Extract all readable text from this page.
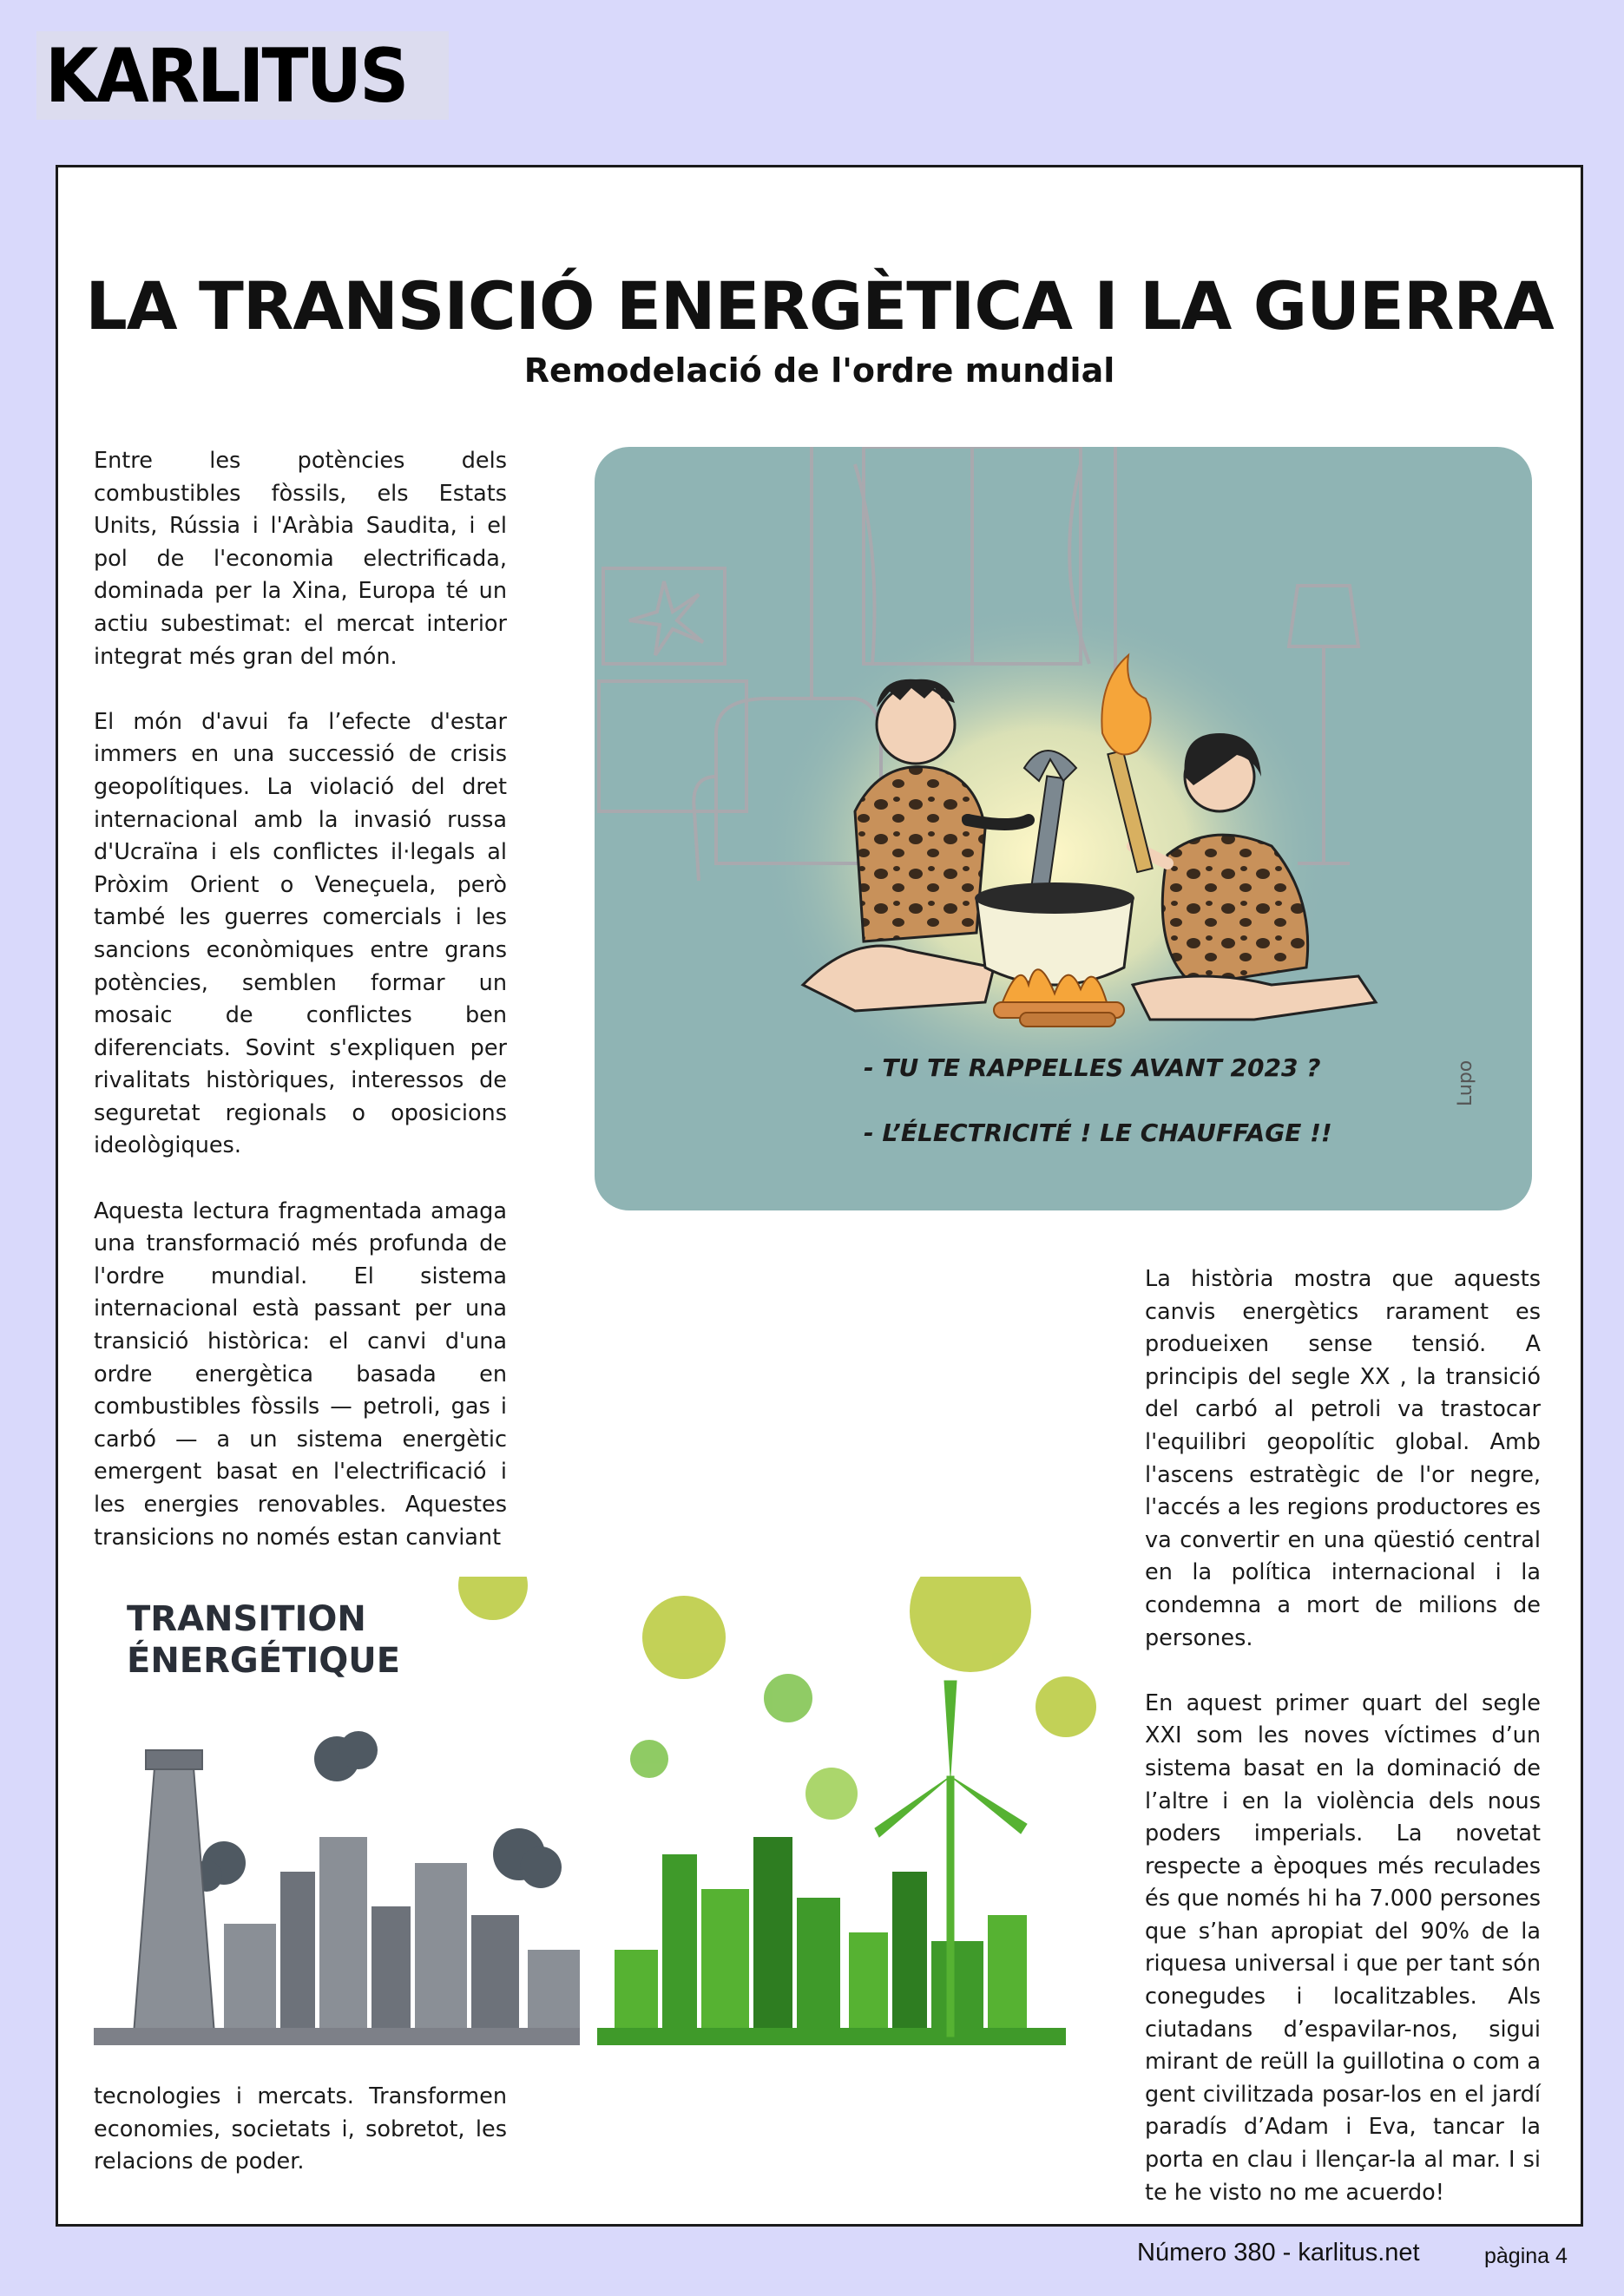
KARLITUS
LA TRANSICIÓ ENERGÈTICA I LA GUERRA
Remodelació de l'ordre mundial

Entre les potències dels combustibles fòssils, els Estats Units, Rússia i l'Aràbia Saudita, i el pol de l'economia electrificada, dominada per la Xina, Europa té un actiu subestimat: el mercat interior integrat més gran del món.

El món d'avui fa l’efecte d'estar immers en una successió de crisis geopolítiques. La violació del dret internacional amb la invasió russa d'Ucraïna i els conflictes il·legals al Pròxim Orient o Veneçuela, però també les guerres comercials i les sancions econòmiques entre grans potències, semblen formar un mosaic de conflictes ben diferenciats. Sovint s'expliquen per rivalitats històriques, interessos de seguretat regionals o oposicions ideològiques.

Aquesta lectura fragmentada amaga una transformació més profunda de l'ordre mundial. El sistema internacional està passant per una transició històrica: el canvi d'una ordre energètica basada en combustibles fòssils — petroli, gas i carbó — a un sistema energètic emergent basat en l'electrificació i les energies renovables. Aquestes transicions no només estan canviant

- TU TE RAPPELLES AVANT 2023 ?
- L’ÉLECTRICITÉ ! LE CHAUFFAGE !!
Lupo
TRANSITION
ÉNERGÉTIQUE

tecnologies i mercats. Transformen economies, societats i, sobretot, les relacions de poder.

La història mostra que aquests canvis energètics rarament es produeixen sense tensió. A principis del segle XX , la transició del carbó al petroli va trastocar l'equilibri geopolític global. Amb l'ascens estratègic de l'or negre, l'accés a les regions productores es va convertir en una qüestió central en la política internacional i la condemna a mort de milions de persones.

En aquest primer quart del segle XXI som les noves víctimes d’un sistema basat en la dominació de l’altre i en la violència dels nous poders imperials. La novetat respecte a èpoques més reculades és que només hi ha 7.000 persones que s’han apropiat del 90% de la riquesa universal i que per tant són conegudes i localitzables. Als ciutadans d’espavilar-nos, sigui mirant de reüll la guillotina o com a gent civilitzada posar-los en el jardí paradís d’Adam i Eva, tancar la porta en clau i llençar-la al mar. I si te he visto no me acuerdo!

Número 380 - karlitus.net	pàgina 4
